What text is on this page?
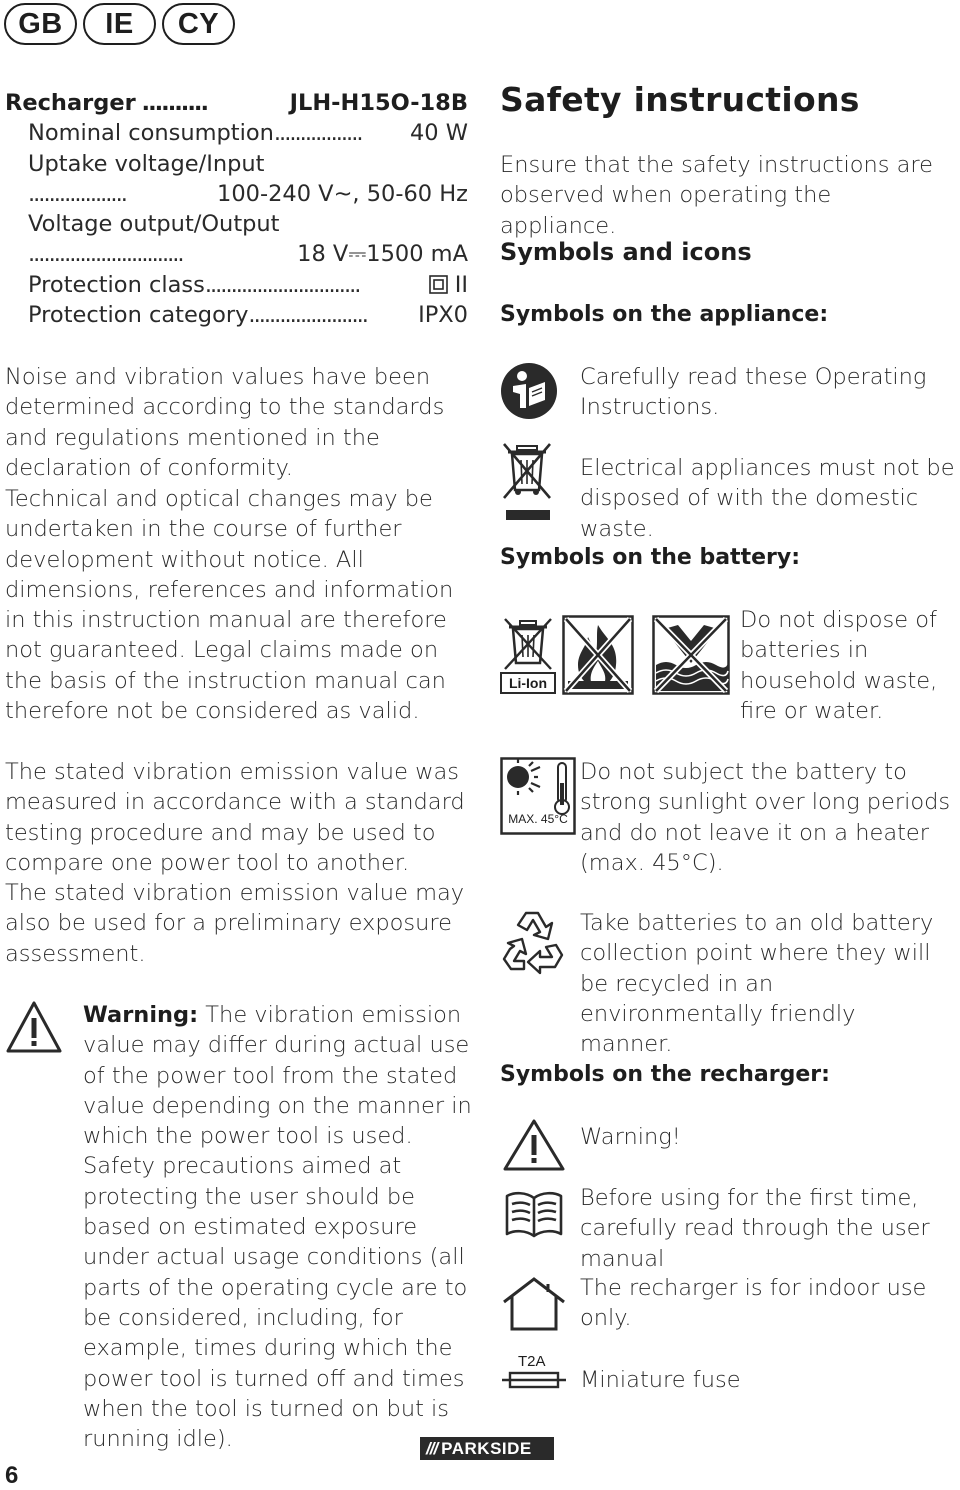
GB	IE	CY
Recharger ..........	JLH-H15O-18B
Nominal consumption................. 40 W
Uptake voltage/Input
...................	100-240 V~, 50-60 Hz
Voltage output/Output
..............................	18 V⎓1500 mA
Protection class..............................	II
Protection category....................... IPX0
Noise and vibration values have been determined according to the standards and regulations mentioned in the declaration of conformity.
Technical and optical changes may be undertaken in the course of further development without notice. All dimensions, references and information in this instruction manual are therefore not guaranteed. Legal claims made on the basis of the instruction manual can therefore not be considered as valid.
The stated vibration emission value was measured in accordance with a standard testing procedure and may be used to compare one power tool to another.
The stated vibration emission value may also be used for a preliminary exposure assessment.
Warning: The vibration emission value may differ during actual use of the power tool from the stated value depending on the manner in which the power tool is used.
Safety precautions aimed at protecting the user should be based on estimated exposure under actual usage conditions (all parts of the operating cycle are to be considered, including, for example, times during which the power tool is turned off and times when the tool is turned on but is running idle).
Safety instructions
Ensure that the safety instructions are observed when operating the appliance.
Symbols and icons
Symbols on the appliance:
Carefully read these Operating Instructions.
Electrical appliances must not be disposed of with the domestic waste.
Symbols on the battery:
Li-Ion
Do not dispose of batteries in household waste, fire or water.
MAX. 45°C
Do not subject the battery to strong sunlight over long periods and do not leave it on a heater (max. 45°C).
Take batteries to an old battery collection point where they will be recycled in an environmentally friendly manner.
Symbols on the recharger:
Warning!
Before using for the first time, carefully read through the user manual
The recharger is for indoor use only.
T2A
Miniature fuse
6
/// PARKSIDE
